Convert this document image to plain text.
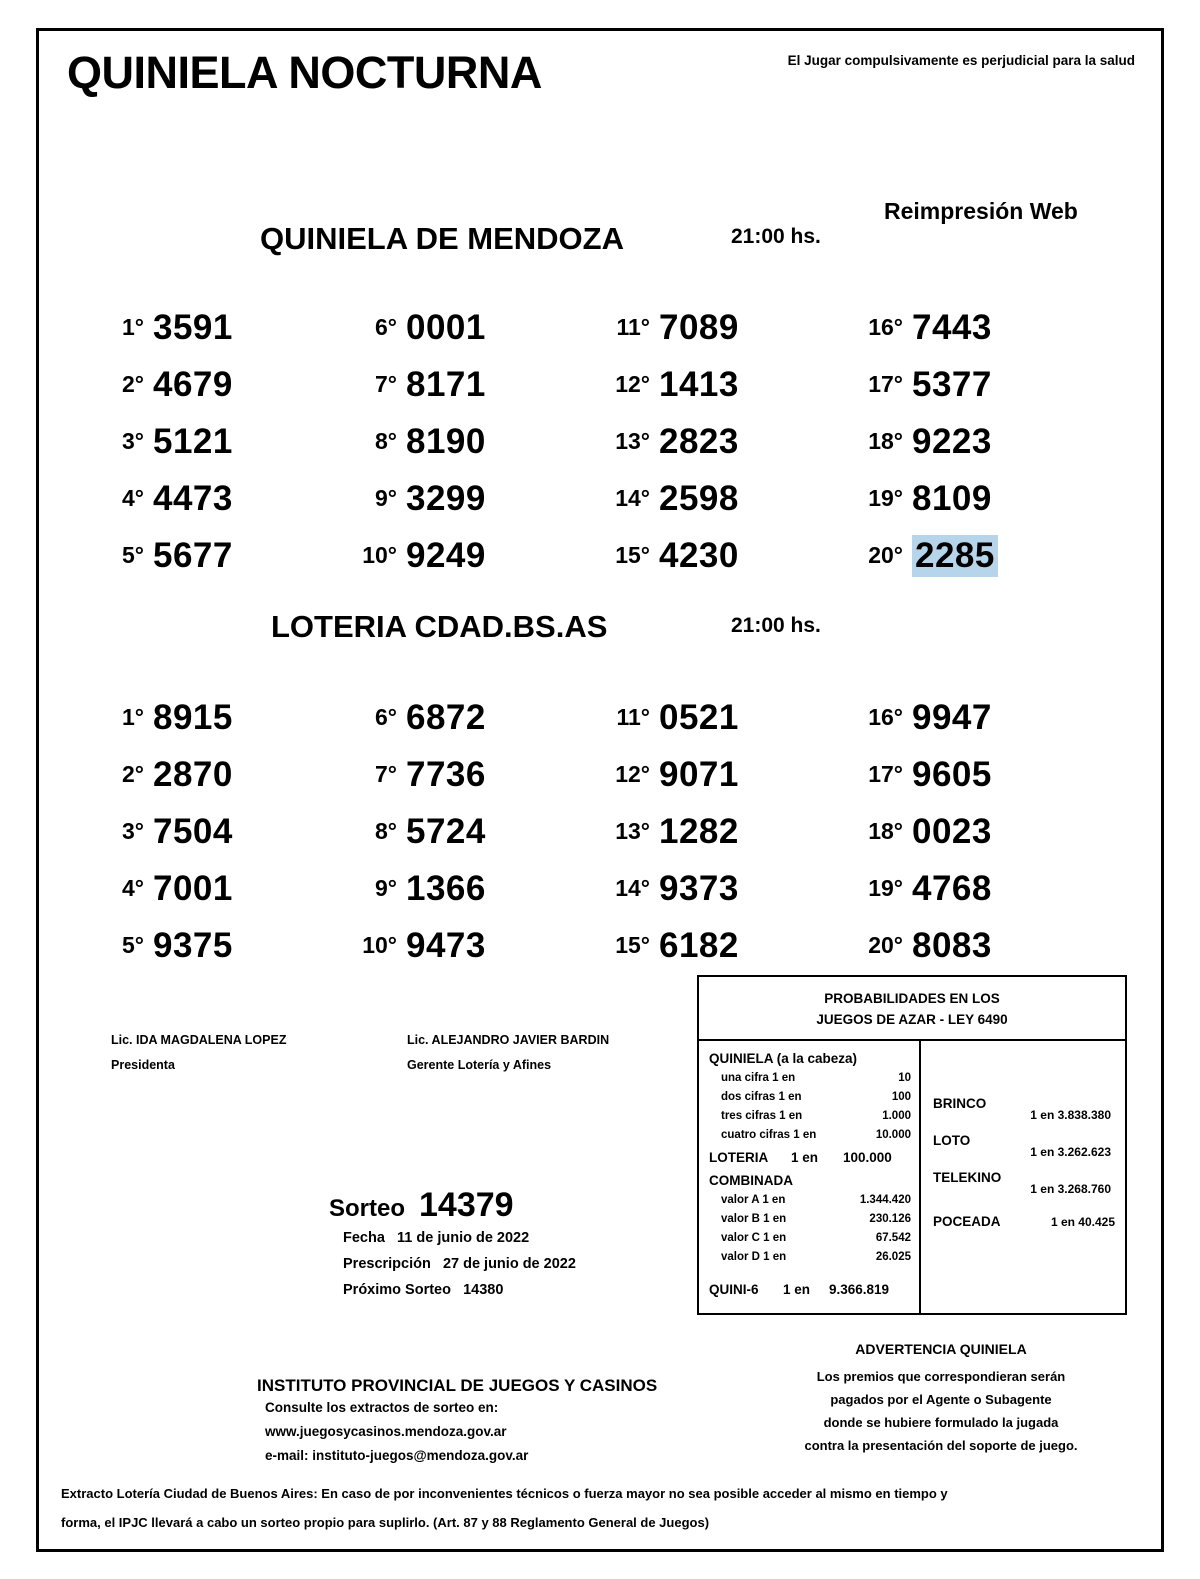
QUINIELA NOCTURNA	El Jugar compulsivamente es perjudicial para la salud
Reimpresión Web
QUINIELA DE MENDOZA	21:00 hs.
1° 3591	6° 0001	11° 7089	16° 7443
2° 4679	7° 8171	12° 1413	17° 5377
3° 5121	8° 8190	13° 2823	18° 9223
4° 4473	9° 3299	14° 2598	19° 8109
5° 5677	10° 9249	15° 4230	20° 2285
LOTERIA CDAD.BS.AS	21:00 hs.
1° 8915	6° 6872	11° 0521	16° 9947
2° 2870	7° 7736	12° 9071	17° 9605
3° 7504	8° 5724	13° 1282	18° 0023
4° 7001	9° 1366	14° 9373	19° 4768
5° 9375	10° 9473	15° 6182	20° 8083
Lic. IDA MAGDALENA LOPEZ
Presidenta
Lic. ALEJANDRO JAVIER BARDIN
Gerente Lotería y Afines
Sorteo 14379
Fecha 11 de junio de 2022
Prescripción 27 de junio de 2022
Próximo Sorteo 14380
PROBABILIDADES EN LOS
JUEGOS DE AZAR - LEY 6490
QUINIELA (a la cabeza)
una cifra 1 en	10
dos cifras 1 en	100
tres cifras 1 en	1.000
cuatro cifras 1 en	10.000
LOTERIA	1 en	100.000
COMBINADA
valor A 1 en	1.344.420
valor B 1 en	230.126
valor C 1 en	67.542
valor D 1 en	26.025
QUINI-6	1 en	9.366.819
BRINCO
1 en 3.838.380
LOTO
1 en 3.262.623
TELEKINO
1 en 3.268.760
POCEADA	1 en 40.425
ADVERTENCIA QUINIELA
Los premios que correspondieran serán
pagados por el Agente o Subagente
donde se hubiere formulado la jugada
contra la presentación del soporte de juego.
INSTITUTO PROVINCIAL DE JUEGOS Y CASINOS
Consulte los extractos de sorteo en:
www.juegosycasinos.mendoza.gov.ar
e-mail: instituto-juegos@mendoza.gov.ar
Extracto Lotería Ciudad de Buenos Aires: En caso de por inconvenientes técnicos o fuerza mayor no sea posible acceder al mismo en tiempo y
forma, el IPJC llevará a cabo un sorteo propio para suplirlo. (Art. 87 y 88 Reglamento General de Juegos)
